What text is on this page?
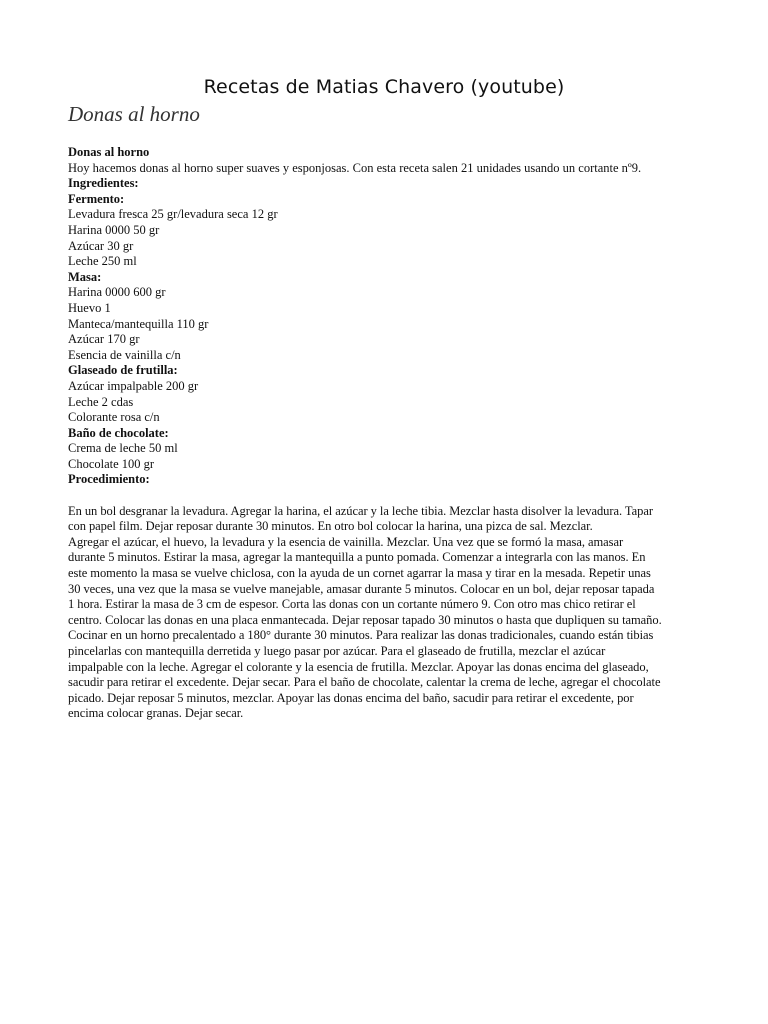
Recetas de Matias Chavero (youtube)
Donas al horno
Donas al horno
Hoy hacemos donas al horno super suaves y esponjosas. Con esta receta salen 21 unidades usando un cortante nº9.
Ingredientes:
Fermento:
Levadura fresca 25 gr/levadura seca 12 gr
Harina 0000 50 gr
Azúcar 30 gr
Leche 250 ml
Masa:
Harina 0000 600 gr
Huevo 1
Manteca/mantequilla 110 gr
Azúcar 170 gr
Esencia de vainilla c/n
Glaseado de frutilla:
Azúcar impalpable 200 gr
Leche 2 cdas
Colorante rosa c/n
Baño de chocolate:
Crema de leche 50 ml
Chocolate 100 gr
Procedimiento:
En un bol desgranar la levadura. Agregar la harina, el azúcar y la leche tibia. Mezclar hasta disolver la levadura. Tapar
con papel film. Dejar reposar durante 30 minutos. En otro bol colocar la harina, una pizca de sal. Mezclar.
Agregar el azúcar, el huevo, la levadura y la esencia de vainilla. Mezclar. Una vez que se formó la masa, amasar
durante 5 minutos. Estirar la masa, agregar la mantequilla a punto pomada. Comenzar a integrarla con las manos. En
este momento la masa se vuelve chiclosa, con la ayuda de un cornet agarrar la masa y tirar en la mesada. Repetir unas
30 veces, una vez que la masa se vuelve manejable, amasar durante 5 minutos. Colocar en un bol, dejar reposar tapada
1 hora. Estirar la masa de 3 cm de espesor. Corta las donas con un cortante número 9. Con otro mas chico retirar el
centro. Colocar las donas en una placa enmantecada. Dejar reposar tapado 30 minutos o hasta que dupliquen su tamaño.
Cocinar en un horno precalentado a 180° durante 30 minutos. Para realizar las donas tradicionales, cuando están tibias
pincelarlas con mantequilla derretida y luego pasar por azúcar. Para el glaseado de frutilla, mezclar el azúcar
impalpable con la leche. Agregar el colorante y la esencia de frutilla. Mezclar. Apoyar las donas encima del glaseado,
sacudir para retirar el excedente. Dejar secar. Para el baño de chocolate, calentar la crema de leche, agregar el chocolate
picado. Dejar reposar 5 minutos, mezclar. Apoyar las donas encima del baño, sacudir para retirar el excedente, por
encima colocar granas. Dejar secar.
